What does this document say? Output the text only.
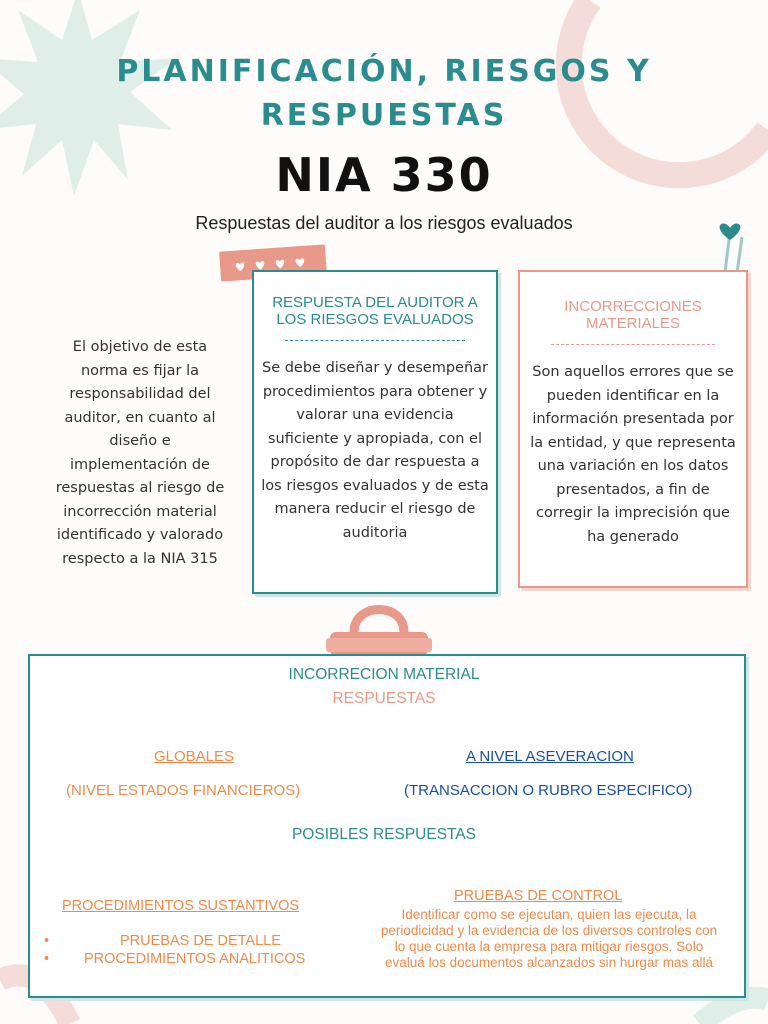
PLANIFICACIÓN, RIESGOS Y
RESPUESTAS
NIA 330
Respuestas del auditor a los riesgos evaluados
El objetivo de esta norma es fijar la responsabilidad del auditor, en cuanto al diseño e implementación de respuestas al riesgo de incorrección material identificado y valorado respecto a la NIA 315
RESPUESTA DEL AUDITOR A LOS RIESGOS EVALUADOS
Se debe diseñar y desempeñar procedimientos para obtener y valorar una evidencia suficiente y apropiada, con el propósito de dar respuesta a los riesgos evaluados y de esta manera reducir el riesgo de auditoria
INCORRECCIONES MATERIALES
Son aquellos errores que se pueden identificar en la información presentada por la entidad, y que representa una variación en los datos presentados, a fin de corregir la imprecisión que ha generado
INCORRECION MATERIAL
RESPUESTAS
GLOBALES
(NIVEL ESTADOS FINANCIEROS)
A NIVEL ASEVERACION
(TRANSACCION O RUBRO ESPECIFICO)
POSIBLES RESPUESTAS
PROCEDIMIENTOS SUSTANTIVOS
•	PRUEBAS DE DETALLE
• PROCEDIMIENTOS ANALITICOS
PRUEBAS DE CONTROL
Identificar como se ejecutan, quien las ejecuta, la periodicidad y la evidencia de los diversos controles con lo que cuenta la empresa para mitigar riesgos. Solo evaluá los documentos alcanzados sin hurgar mas allá
